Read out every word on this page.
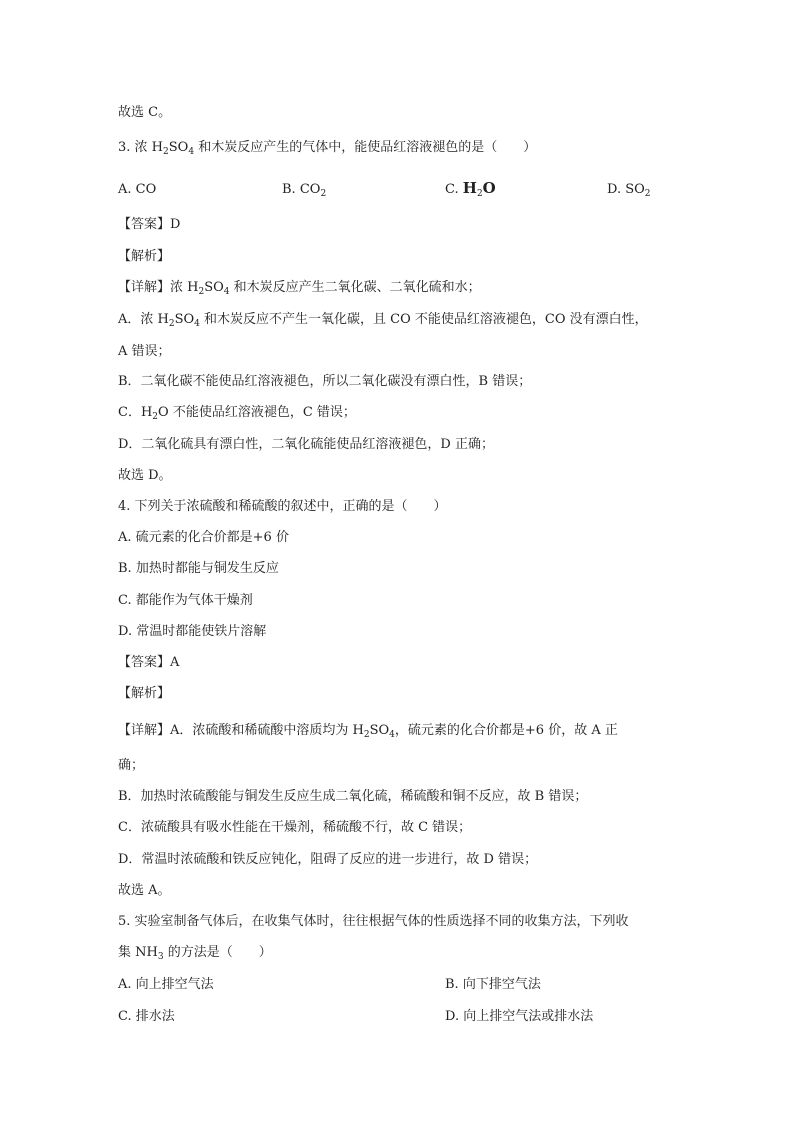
故选 C。
3. 浓 $H_2SO_4$ 和木炭反应产生的气体中，能使品红溶液褪色的是（　　）
A. CO	B. $CO_2$	C. $H_2O$	D. $SO_2$
【答案】D
【解析】
【详解】浓 $H_2SO_4$ 和木炭反应产生二氧化碳、二氧化硫和水；
A．浓 $H_2SO_4$ 和木炭反应不产生一氧化碳，且 CO 不能使品红溶液褪色，CO 没有漂白性，
A 错误；
B．二氧化碳不能使品红溶液褪色，所以二氧化碳没有漂白性，B 错误；
C．$H_2O$ 不能使品红溶液褪色，C 错误；
D．二氧化硫具有漂白性，二氧化硫能使品红溶液褪色，D 正确；
故选 D。
4. 下列关于浓硫酸和稀硫酸的叙述中，正确的是（　　）
A. 硫元素的化合价都是+6 价
B. 加热时都能与铜发生反应
C. 都能作为气体干燥剂
D. 常温时都能使铁片溶解
【答案】A
【解析】
【详解】A．浓硫酸和稀硫酸中溶质均为 $H_2SO_4$，硫元素的化合价都是+6 价，故 A 正
确；
B．加热时浓硫酸能与铜发生反应生成二氧化硫，稀硫酸和铜不反应，故 B 错误；
C．浓硫酸具有吸水性能在干燥剂，稀硫酸不行，故 C 错误；
D．常温时浓硫酸和铁反应钝化，阻碍了反应的进一步进行，故 D 错误；
故选 A。
5. 实验室制备气体后，在收集气体时，往往根据气体的性质选择不同的收集方法，下列收
集 $NH_3$ 的方法是（　　）
A. 向上排空气法	B. 向下排空气法
C. 排水法	D. 向上排空气法或排水法
